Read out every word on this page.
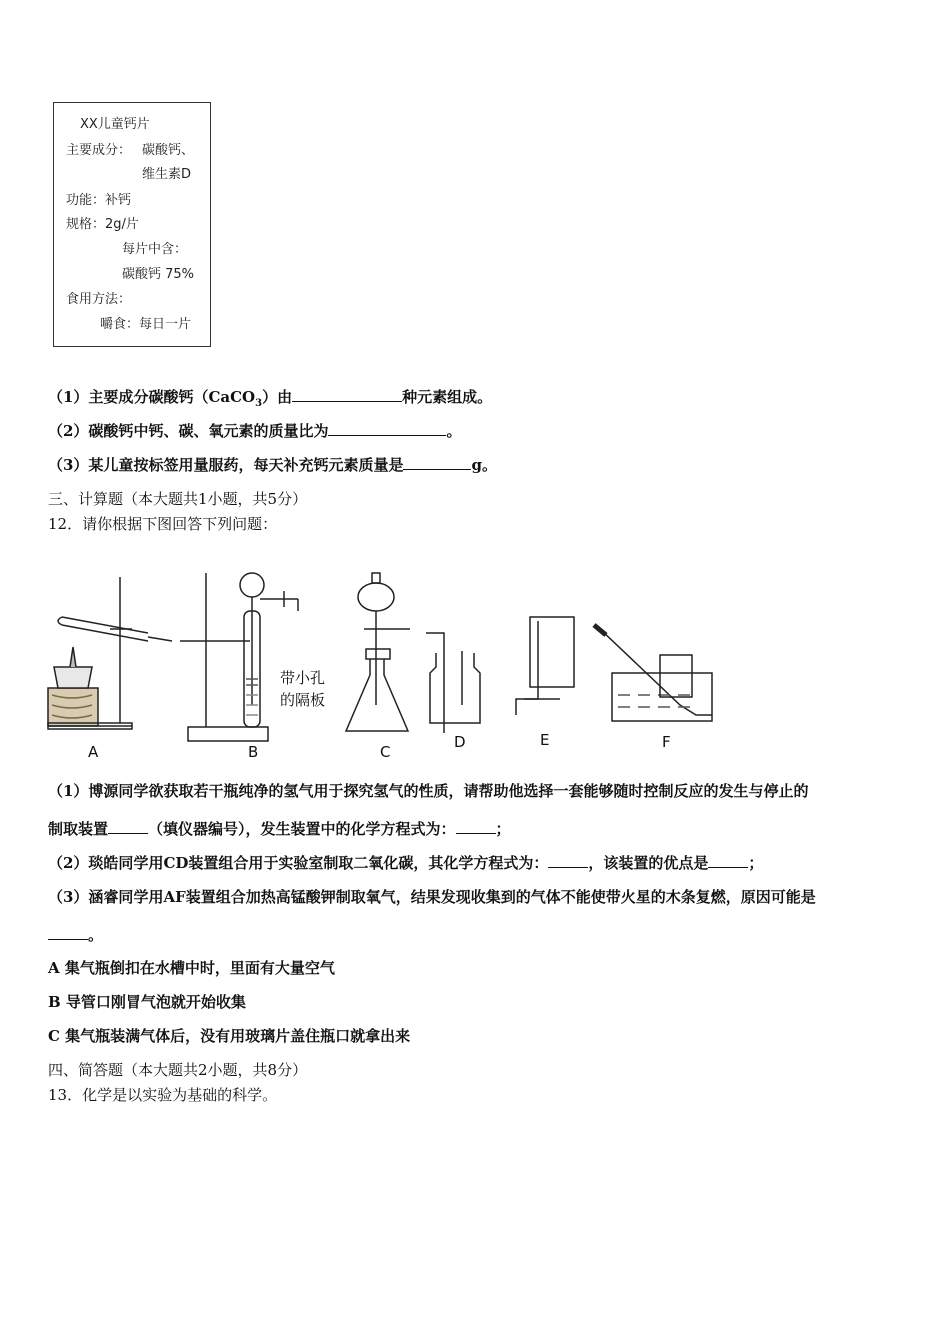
XX儿童钙片
主要成分： 碳酸钙、
维生素D
功能：补钙
规格：2g/片
每片中含：
碳酸钙 75%
食用方法：
嚼食：每日一片
（1）主要成分碳酸钙（CaCO$_3$）由	种元素组成。
（2）碳酸钙中钙、碳、氧元素的质量比为	。
（3）某儿童按标签用量服药，每天补充钙元素质量是	g。
三、计算题（本大题共1小题，共5分）
12．请你根据下图回答下列问题：
带小孔
的隔板
A	B	C
D	E	F
（1）博源同学欲获取若干瓶纯净的氢气用于探究氢气的性质，请帮助他选择一套能够随时控制反应的发生与停止的
制取装置	（填仪器编号），发生装置中的化学方程式为：	；
（2）琰皓同学用CD装置组合用于实验室制取二氧化碳，其化学方程式为：	，该装置的优点是	；
（3）涵睿同学用AF装置组合加热高锰酸钾制取氧气，结果发现收集到的气体不能使带火星的木条复燃，原因可能是
。
A 集气瓶倒扣在水槽中时，里面有大量空气
B 导管口刚冒气泡就开始收集
C 集气瓶装满气体后，没有用玻璃片盖住瓶口就拿出来
四、简答题（本大题共2小题，共8分）
13．化学是以实验为基础的科学。
